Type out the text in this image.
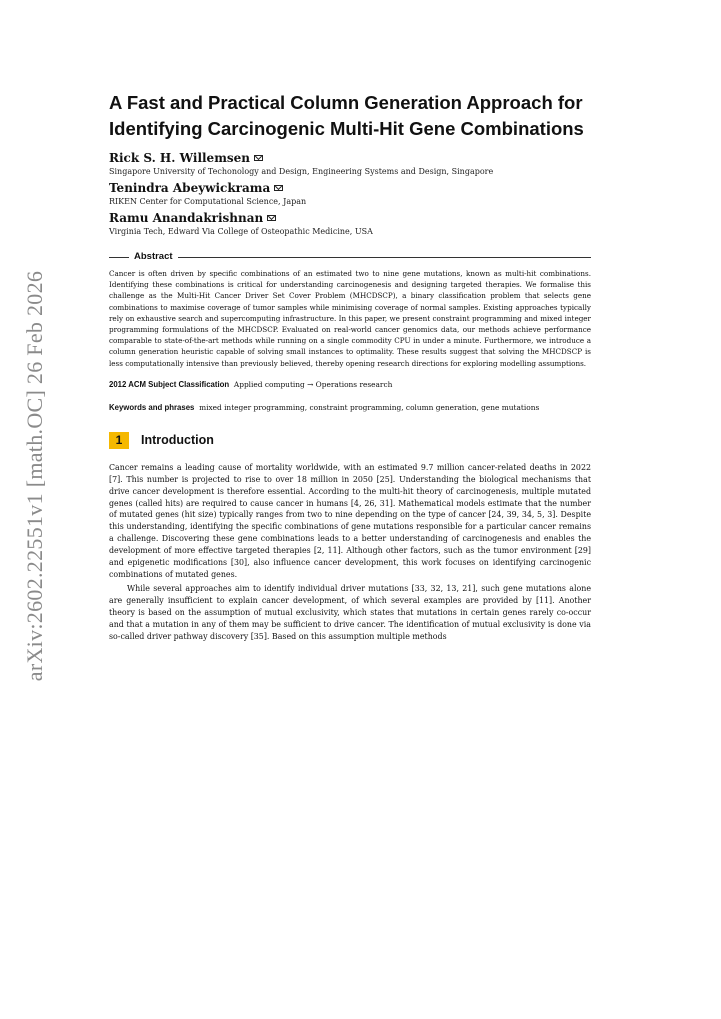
arXiv:2602.22551v1 [math.OC] 26 Feb 2026
A Fast and Practical Column Generation Approach for Identifying Carcinogenic Multi-Hit Gene Combinations
Rick S. H. Willemsen
Singapore University of Techonology and Design, Engineering Systems and Design, Singapore
Tenindra Abeywickrama
RIKEN Center for Computational Science, Japan
Ramu Anandakrishnan
Virginia Tech, Edward Via College of Osteopathic Medicine, USA
Abstract

Cancer is often driven by specific combinations of an estimated two to nine gene mutations, known as multi-hit combinations. Identifying these combinations is critical for understanding carcinogenesis and designing targeted therapies. We formalise this challenge as the Multi-Hit Cancer Driver Set Cover Problem (MHCDSCP), a binary classification problem that selects gene combinations to maximise coverage of tumor samples while minimising coverage of normal samples. Existing approaches typically rely on exhaustive search and supercomputing infrastructure. In this paper, we present constraint programming and mixed integer programming formulations of the MHCDSCP. Evaluated on real-world cancer genomics data, our methods achieve performance comparable to state-of-the-art methods while running on a single commodity CPU in under a minute. Furthermore, we introduce a column generation heuristic capable of solving small instances to optimality. These results suggest that solving the MHCDSCP is less computationally intensive than previously believed, thereby opening research directions for exploring modelling assumptions.

2012 ACM Subject Classification Applied computing → Operations research
Keywords and phrases mixed integer programming, constraint programming, column generation, gene mutations
1	Introduction

Cancer remains a leading cause of mortality worldwide, with an estimated 9.7 million cancer-related deaths in 2022 [7]. This number is projected to rise to over 18 million in 2050 [25]. Understanding the biological mechanisms that drive cancer development is therefore essential. According to the multi-hit theory of carcinogenesis, multiple mutated genes (called hits) are required to cause cancer in humans [4, 26, 31]. Mathematical models estimate that the number of mutated genes (hit size) typically ranges from two to nine depending on the type of cancer [24, 39, 34, 5, 3]. Despite this understanding, identifying the specific combinations of gene mutations responsible for a particular cancer remains a challenge. Discovering these gene combinations leads to a better understanding of carcinogenesis and enables the development of more effective targeted therapies [2, 11]. Although other factors, such as the tumor environment [29] and epigenetic modifications [30], also influence cancer development, this work focuses on identifying carcinogenic combinations of mutated genes.

While several approaches aim to identify individual driver mutations [33, 32, 13, 21], such gene mutations alone are generally insufficient to explain cancer development, of which several examples are provided by [11]. Another theory is based on the assumption of mutual exclusivity, which states that mutations in certain genes rarely co-occur and that a mutation in any of them may be sufficient to drive cancer. The identification of mutual exclusivity is done via so-called driver pathway discovery [35]. Based on this assumption multiple methods
